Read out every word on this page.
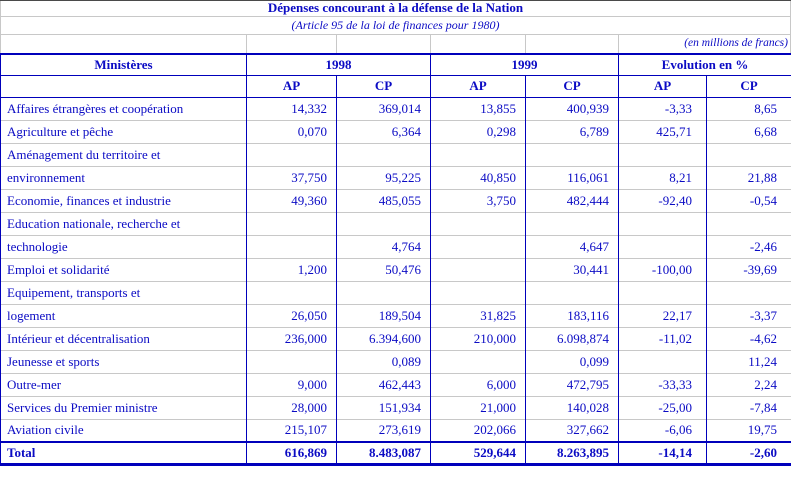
Dépenses concourant à la défense de la Nation
(Article 95 de la loi de finances pour 1980)
(en millions de francs)
Ministères	1998		1999		Evolution en %	
	AP	CP	AP	CP	AP	CP
Affaires étrangères et coopération	14,332	369,014	13,855	400,939	-3,33	8,65
Agriculture et pêche	0,070	6,364	0,298	6,789	425,71	6,68
Aménagement du territoire et						
environnement	37,750	95,225	40,850	116,061	8,21	21,88
Economie, finances et industrie	49,360	485,055	3,750	482,444	-92,40	-0,54
Education nationale, recherche et						
technologie		4,764		4,647		-2,46
Emploi et solidarité	1,200	50,476		30,441	-100,00	-39,69
Equipement, transports et						
logement	26,050	189,504	31,825	183,116	22,17	-3,37
Intérieur et décentralisation	236,000	6.394,600	210,000	6.098,874	-11,02	-4,62
Jeunesse et sports		0,089		0,099		11,24
Outre-mer	9,000	462,443	6,000	472,795	-33,33	2,24
Services du Premier ministre	28,000	151,934	21,000	140,028	-25,00	-7,84
Aviation civile	215,107	273,619	202,066	327,662	-6,06	19,75
Total	616,869	8.483,087	529,644	8.263,895	-14,14	-2,60
